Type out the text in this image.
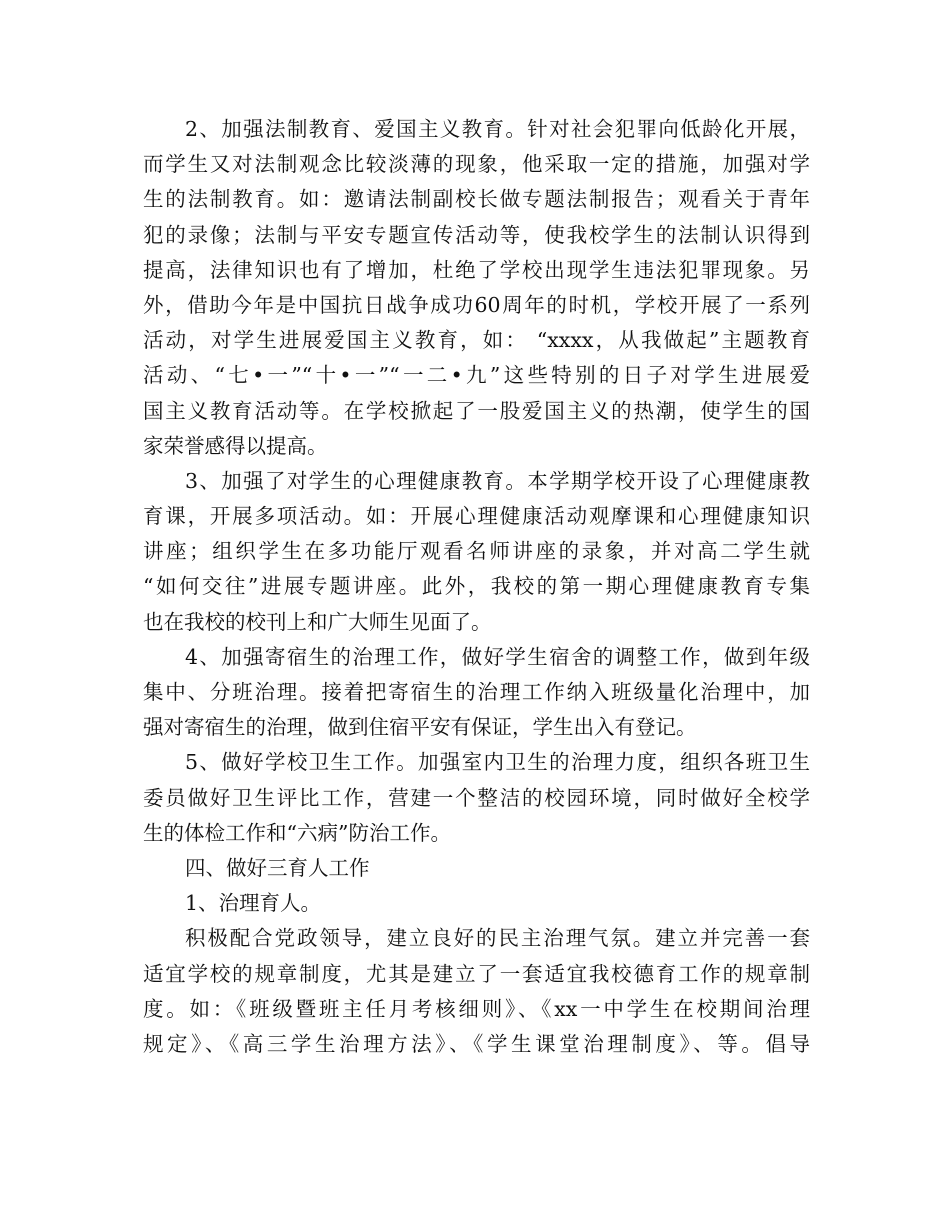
2、加强法制教育、爱国主义教育。针对社会犯罪向低龄化开展，
而学生又对法制观念比较淡薄的现象，他采取一定的措施，加强对学
生的法制教育。如：邀请法制副校长做专题法制报告；观看关于青年
犯的录像；法制与平安专题宣传活动等，使我校学生的法制认识得到
提高，法律知识也有了增加，杜绝了学校出现学生违法犯罪现象。另
外，借助今年是中国抗日战争成功60周年的时机，学校开展了一系列
活动，对学生进展爱国主义教育，如： “xxxx，从我做起”主题教育
活动、“七•一”“十•一”“一二•九”这些特别的日子对学生进展爱
国主义教育活动等。在学校掀起了一股爱国主义的热潮，使学生的国
家荣誉感得以提高。
3、加强了对学生的心理健康教育。本学期学校开设了心理健康教
育课，开展多项活动。如：开展心理健康活动观摩课和心理健康知识
讲座；组织学生在多功能厅观看名师讲座的录象，并对高二学生就
“如何交往”进展专题讲座。此外，我校的第一期心理健康教育专集
也在我校的校刊上和广大师生见面了。
4、加强寄宿生的治理工作，做好学生宿舍的调整工作，做到年级
集中、分班治理。接着把寄宿生的治理工作纳入班级量化治理中，加
强对寄宿生的治理，做到住宿平安有保证，学生出入有登记。
5、做好学校卫生工作。加强室内卫生的治理力度，组织各班卫生
委员做好卫生评比工作，营建一个整洁的校园环境，同时做好全校学
生的体检工作和“六病”防治工作。
四、做好三育人工作
1、治理育人。
积极配合党政领导，建立良好的民主治理气氛。建立并完善一套
适宜学校的规章制度，尤其是建立了一套适宜我校德育工作的规章制
度。如：《班级暨班主任月考核细则》、《xx一中学生在校期间治理
规定》、《高三学生治理方法》、《学生课堂治理制度》、等。倡导
